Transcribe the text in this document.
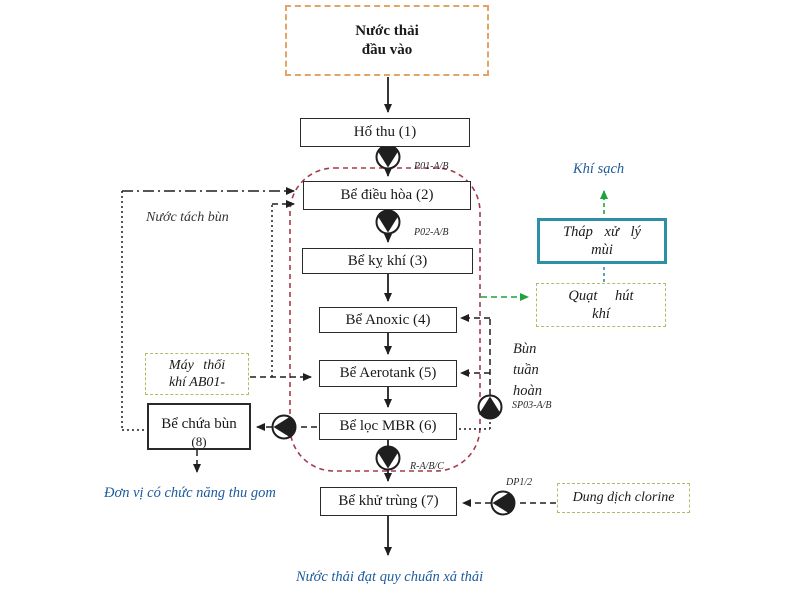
Nước thải
đầu vào
Hố thu (1)
Bể điều hòa (2)
Bể kỵ khí (3)
Bể Anoxic (4)
Bể Aerotank (5)
Bể lọc MBR (6)
Bể khử trùng (7)
Bể chứa bùn
(8)
Tháp xử lý
mùi
Quạt hút
khí
Máy thổi
khí AB01-
Dung dịch clorine
Khí sạch
Nước tách bùn
Bùn
tuần
hoàn
Đơn vị có chức năng thu gom
Nước thải đạt quy chuẩn xả thải
P01-A/B
P02-A/B
SP03-A/B
R-A/B/C
DP1/2
